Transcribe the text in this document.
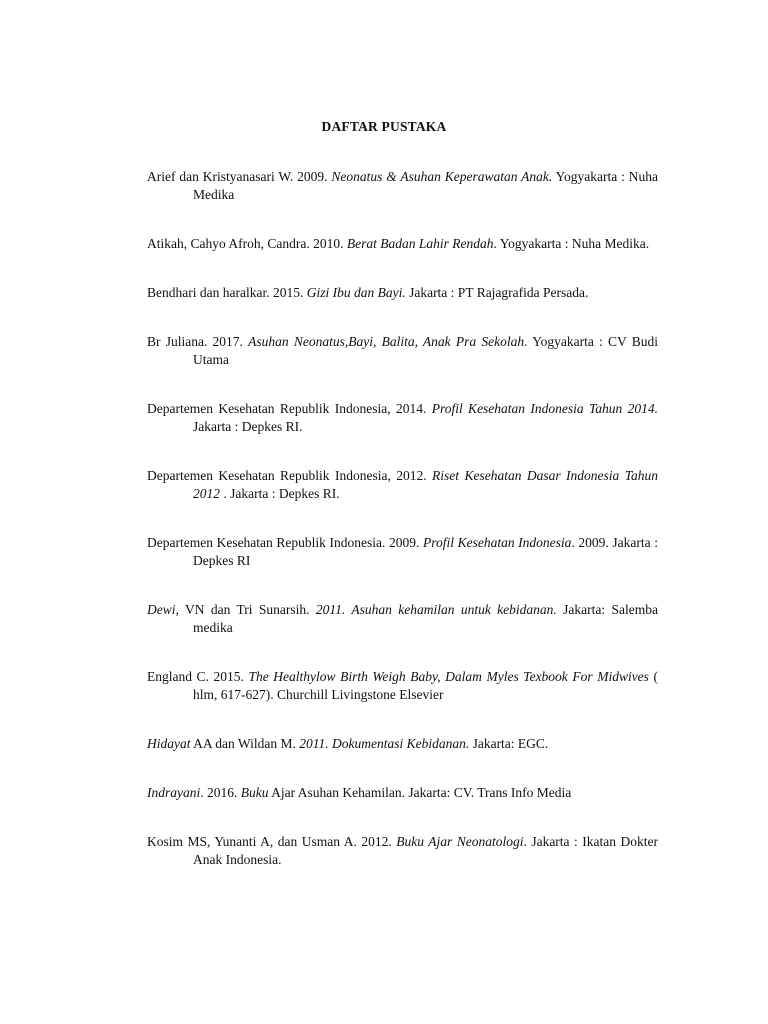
DAFTAR PUSTAKA
Arief dan Kristyanasari W. 2009. Neonatus & Asuhan Keperawatan Anak. Yogyakarta : Nuha Medika
Atikah, Cahyo Afroh, Candra. 2010. Berat Badan Lahir Rendah. Yogyakarta : Nuha Medika.
Bendhari dan haralkar. 2015. Gizi Ibu dan Bayi. Jakarta : PT Rajagrafida Persada.
Br Juliana. 2017. Asuhan Neonatus,Bayi, Balita, Anak Pra Sekolah. Yogyakarta : CV Budi Utama
Departemen Kesehatan Republik Indonesia, 2014. Profil Kesehatan Indonesia Tahun 2014. Jakarta : Depkes RI.
Departemen Kesehatan Republik Indonesia, 2012. Riset Kesehatan Dasar Indonesia Tahun 2012 . Jakarta : Depkes RI.
Departemen Kesehatan Republik Indonesia. 2009. Profil Kesehatan Indonesia. 2009. Jakarta : Depkes RI
Dewi, VN dan Tri Sunarsih. 2011. Asuhan kehamilan untuk kebidanan. Jakarta: Salemba medika
England C. 2015. The Healthylow Birth Weigh Baby, Dalam Myles Texbook For Midwives ( hlm, 617-627). Churchill Livingstone Elsevier
Hidayat AA dan Wildan M. 2011. Dokumentasi Kebidanan. Jakarta: EGC.
Indrayani. 2016. Buku Ajar Asuhan Kehamilan. Jakarta: CV. Trans Info Media
Kosim MS, Yunanti A, dan Usman A. 2012. Buku Ajar Neonatologi. Jakarta : Ikatan Dokter Anak Indonesia.
